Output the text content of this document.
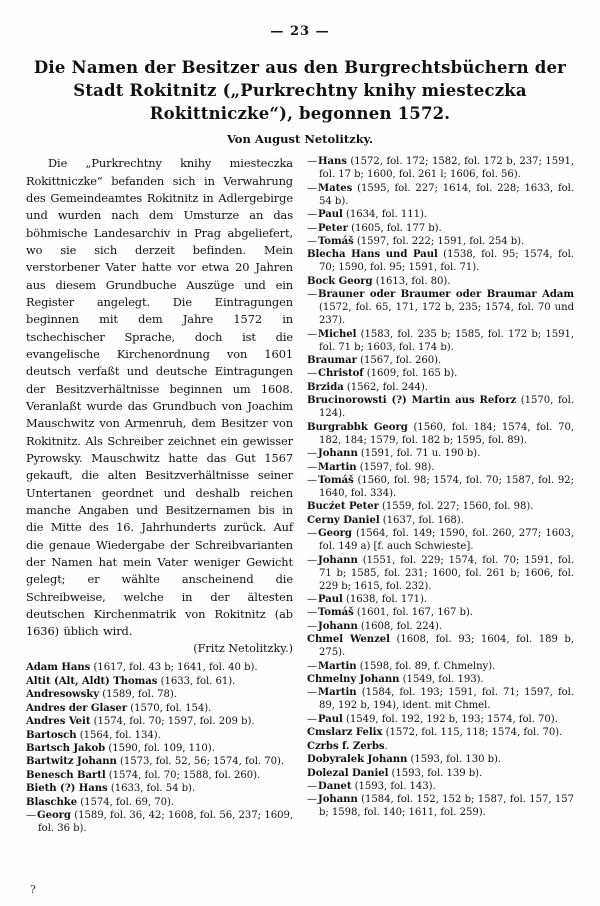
— 23 —
Die Namen der Besitzer aus den Burgrechtsbüchern der
Stadt Rokitnitz („Purkrechtny knihy miesteczka
Rokittniczke“), begonnen 1572.
Von August Netolitzky.

Die „Purkrechtny knihy miesteczka Rokittniczke“ befanden sich in Verwahrung des Gemeindeamtes Rokitnitz in Adlergebirge und wurden nach dem Umsturze an das böhmische Landesarchiv in Prag abgeliefert, wo sie sich derzeit befinden. Mein verstorbener Vater hatte vor etwa 20 Jahren aus diesem Grundbuche Auszüge und ein Register angelegt. Die Eintragungen beginnen mit dem Jahre 1572 in tschechischer Sprache, doch ist die evangelische Kirchenordnung von 1601 deutsch verfaßt und deutsche Eintragungen der Besitzverhältnisse beginnen um 1608. Veranlaßt wurde das Grundbuch von Joachim Mauschwitz von Armenruh, dem Besitzer von Rokitnitz. Als Schreiber zeichnet ein gewisser Pyrowsky. Mauschwitz hatte das Gut 1567 gekauft, die alten Besitzverhältnisse seiner Untertanen geordnet und deshalb reichen manche Angaben und Besitzernamen bis in die Mitte des 16. Jahrhunderts zurück. Auf die genaue Wiedergabe der Schreibvarianten der Namen hat mein Vater weniger Gewicht gelegt; er wählte anscheinend die Schreibweise, welche in der ältesten deutschen Kirchenmatrik von Rokitnitz (ab 1636) üblich wird.

(Fritz Netolitzky.)
Adam Hans (1617, fol. 43 b; 1641, fol. 40 b).
Altit (Alt, Aldt) Thomas (1633, fol. 61).
Andresowsky (1589, fol. 78).
Andres der Glaser (1570, fol. 154).
Andres Veit (1574, fol. 70; 1597, fol. 209 b).
Bartosch (1564, fol. 134).
Bartsch Jakob (1590, fol. 109, 110).
Bartwitz Johann (1573, fol. 52, 56; 1574, fol. 70).
Benesch Bartl (1574, fol. 70; 1588, fol. 260).
Bieth (?) Hans (1633, fol. 54 b).
Blaschke (1574, fol. 69, 70).
—Georg (1589, fol. 36, 42; 1608, fol. 56, 237; 1609, fol. 36 b).
—Hans (1572, fol. 172; 1582, fol. 172 b, 237; 1591, fol. 17 b; 1600, fol. 261 l; 1606, fol. 56).
—Mates (1595, fol. 227; 1614, fol. 228; 1633, fol. 54 b).
—Paul (1634, fol. 111).
—Peter (1605, fol. 177 b).
—Tomáš (1597, fol. 222; 1591, fol. 254 b).
Blecha Hans und Paul (1538, fol. 95; 1574, fol. 70; 1590, fol. 95; 1591, fol. 71).
Bock Georg (1613, fol. 80).
—Brauner oder Braumer oder Braumar Adam (1572, fol. 65, 171, 172 b, 235; 1574, fol. 70 und 237).
—Michel (1583, fol. 235 b; 1585, fol. 172 b; 1591, fol. 71 b; 1603, fol. 174 b).
Braumar (1567, fol. 260).
—Christof (1609, fol. 165 b).
Brzida (1562, fol. 244).
Brucinorowsti (?) Martin aus Reforz (1570, fol. 124).
Burgrabbk Georg (1560, fol. 184; 1574, fol. 70, 182, 184; 1579, fol. 182 b; 1595, fol. 89).
—Johann (1591, fol. 71 u. 190 b).
—Martin (1597, fol. 98).
—Tomáš (1560, fol. 98; 1574, fol. 70; 1587, fol. 92; 1640, fol. 334).
Bucźet Peter (1559, fol. 227; 1560, fol. 98).
Cerny Daniel (1637, fol. 168).
—Georg (1564, fol. 149; 1590, fol. 260, 277; 1603, fol. 149 a) [f. auch Schwieste].
—Johann (1551, fol. 229; 1574, fol. 70; 1591, fol. 71 b; 1585, fol. 231; 1600, fol. 261 b; 1606, fol. 229 b; 1615, fol. 232).
—Paul (1638, fol. 171).
—Tomáš (1601, fol. 167, 167 b).
—Johann (1608, fol. 224).
Chmel Wenzel (1608, fol. 93; 1604, fol. 189 b, 275).
—Martin (1598, fol. 89, f. Chmelny).
Chmelny Johann (1549, fol. 193).
—Martin (1584, fol. 193; 1591, fol. 71; 1597, fol. 89, 192 b, 194), ident. mit Chmel.
—Paul (1549, fol. 192, 192 b, 193; 1574, fol. 70).
Cmslarz Felix (1572, fol. 115, 118; 1574, fol. 70).
Czrbs f. Zerbs.
Dobyralek Johann (1593, fol. 130 b).
Dolezal Daniel (1593, fol. 139 b).
—Danet (1593, fol. 143).
—Johann (1584, fol. 152, 152 b; 1587, fol. 157, 157 b; 1598, fol. 140; 1611, fol. 259).
?
